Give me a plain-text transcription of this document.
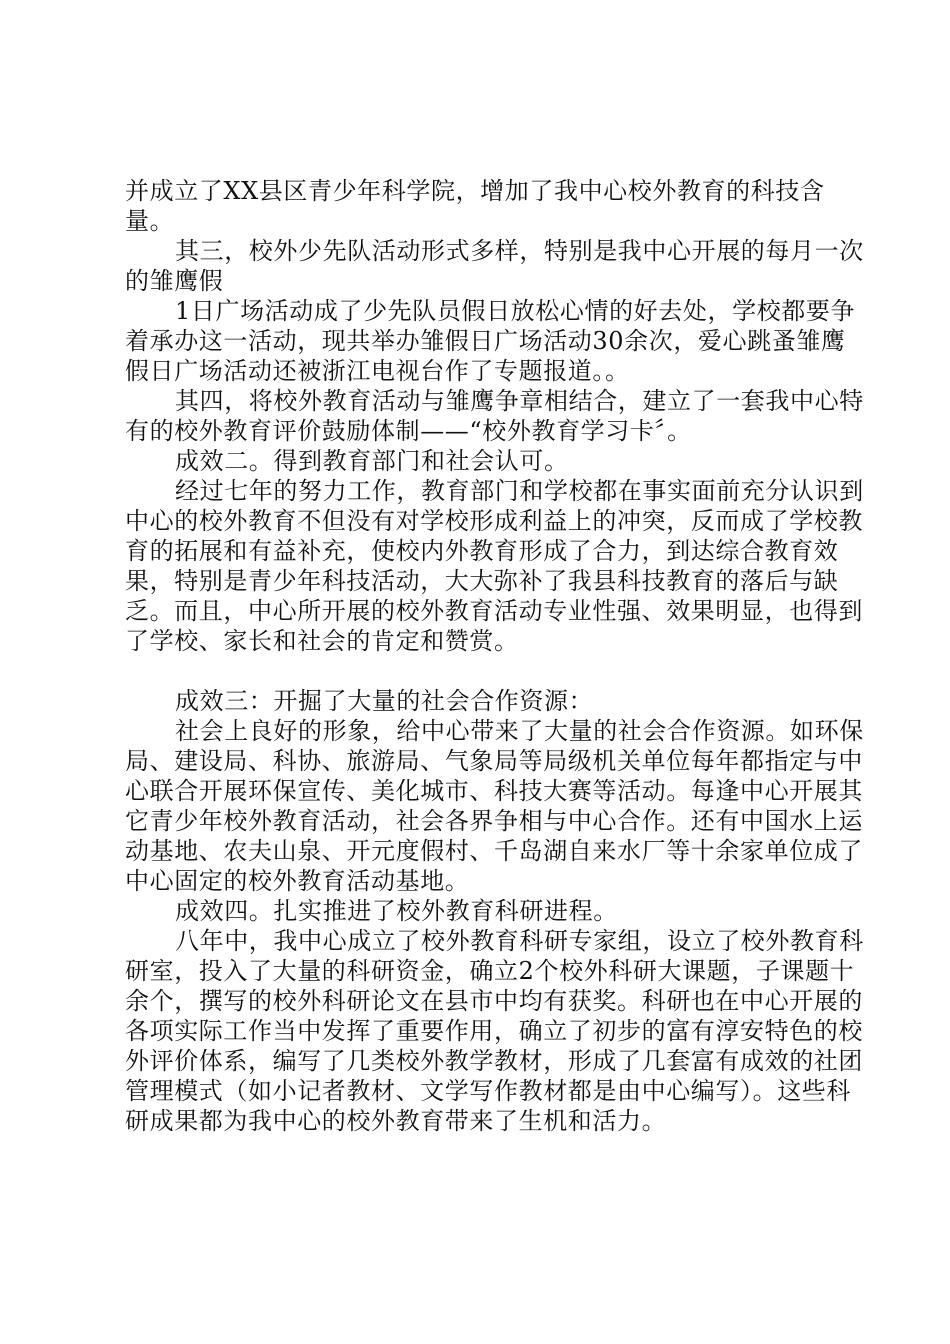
并成立了XX县区青少年科学院，增加了我中心校外教育的科技含量。

其三，校外少先队活动形式多样，特别是我中心开展的每月一次的雏鹰假

1日广场活动成了少先队员假日放松心情的好去处，学校都要争着承办这一活动，现共举办雏假日广场活动30余次，爱心跳蚤雏鹰假日广场活动还被浙江电视台作了专题报道。。

其四，将校外教育活动与雏鹰争章相结合，建立了一套我中心特有的校外教育评价鼓励体制——“校外教育学习卡〞。

成效二。得到教育部门和社会认可。

经过七年的努力工作，教育部门和学校都在事实面前充分认识到中心的校外教育不但没有对学校形成利益上的冲突，反而成了学校教育的拓展和有益补充，使校内外教育形成了合力，到达综合教育效果，特别是青少年科技活动，大大弥补了我县科技教育的落后与缺乏。而且，中心所开展的校外教育活动专业性强、效果明显，也得到了学校、家长和社会的肯定和赞赏。

成效三：开掘了大量的社会合作资源：

社会上良好的形象，给中心带来了大量的社会合作资源。如环保局、建设局、科协、旅游局、气象局等局级机关单位每年都指定与中心联合开展环保宣传、美化城市、科技大赛等活动。每逢中心开展其它青少年校外教育活动，社会各界争相与中心合作。还有中国水上运动基地、农夫山泉、开元度假村、千岛湖自来水厂等十余家单位成了中心固定的校外教育活动基地。

成效四。扎实推进了校外教育科研进程。

八年中，我中心成立了校外教育科研专家组，设立了校外教育科研室，投入了大量的科研资金，确立2个校外科研大课题，子课题十余个，撰写的校外科研论文在县市中均有获奖。科研也在中心开展的各项实际工作当中发挥了重要作用，确立了初步的富有淳安特色的校外评价体系，编写了几类校外教学教材，形成了几套富有成效的社团管理模式（如小记者教材、文学写作教材都是由中心编写）。这些科研成果都为我中心的校外教育带来了生机和活力。
